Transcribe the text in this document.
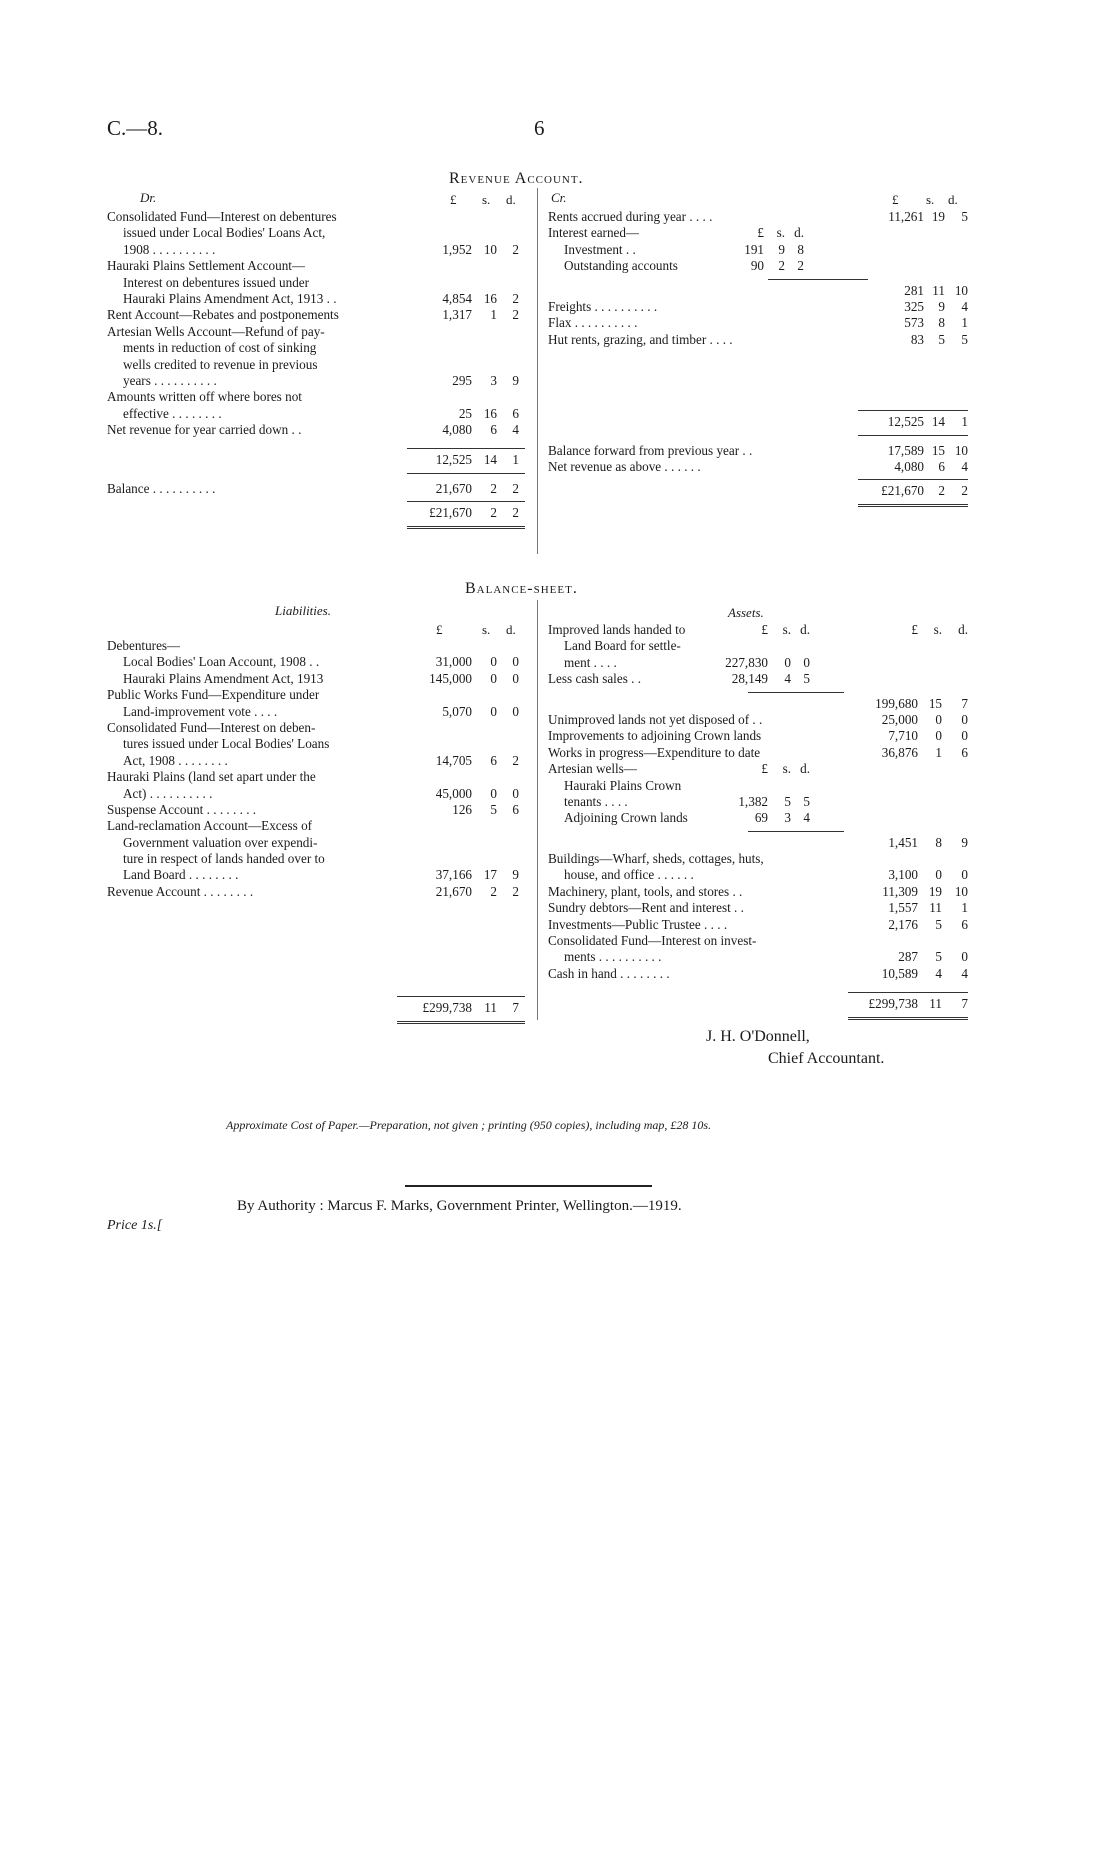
C.—8.	6
Revenue Account.
Dr.	£ s. d.
Consolidated Fund—Interest on debentures
issued under Local Bodies' Loans Act,
1908 . . . . . . . . . .	1,952 10	2
Hauraki Plains Settlement Account—
Interest on debentures issued under
Hauraki Plains Amendment Act, 1913 . .	4,854 16	2
Rent Account—Rebates and postponements	1,317	1	2
Artesian Wells Account—Refund of pay-
ments in reduction of cost of sinking
wells credited to revenue in previous
years . . . . . . . . . .	295	3	9
Amounts written off where bores not
effective . . . . . . . .	25 16	6
Net revenue for year carried down . .	4,080	6	4
12,525 14	1
Balance . . . . . . . . . .	21,670	2	2
£21,670	2	2
Cr.	£ s. d.
Rents accrued during year . . . .	11,261 19	5
Interest earned—	£ s. d.
Investment . .	191	9 8
Outstanding accounts	90	2 2
281 11 10
Freights . . . . . . . . . .	325	9	4
Flax . . . . . . . . . .	573	8	1
Hut rents, grazing, and timber . . . .	83	5	5
12,525 14	1
Balance forward from previous year . .	17,589 15 10
Net revenue as above . . . . . .	4,080	6	4
£21,670	2	2
Balance-sheet.
Liabilities.
£	s. d.
Debentures—
Local Bodies' Loan Account, 1908 . .	31,000	0	0
Hauraki Plains Amendment Act, 1913	145,000	0	0
Public Works Fund—Expenditure under
Land-improvement vote . . . .	5,070	0	0
Consolidated Fund—Interest on deben-
tures issued under Local Bodies' Loans
Act, 1908 . . . . . . . .	14,705	6	2
Hauraki Plains (land set apart under the
Act) . . . . . . . . . .	45,000	0	0
Suspense Account . . . . . . . .	126	5	6
Land-reclamation Account—Excess of
Government valuation over expendi-
ture in respect of lands handed over to
Land Board . . . . . . . .	37,166 17	9
Revenue Account . . . . . . . .	21,670	2	2
£299,738 11	7
Assets.
Improved lands handed to	£	s. d.	£	s.	d.
Land Board for settle-
ment . . . .	227,830	0 0
Less cash sales . .	28,149	4 5
199,680 15	7
Unimproved lands not yet disposed of . .	25,000	0	0
Improvements to adjoining Crown lands	7,710	0	0
Works in progress—Expenditure to date	36,876	1	6
Artesian wells—	£	s. d.
Hauraki Plains Crown
tenants . . . .	1,382	5 5
Adjoining Crown lands	69	3 4
1,451	8	9
Buildings—Wharf, sheds, cottages, huts,
house, and office . . . . . .	3,100	0	0
Machinery, plant, tools, and stores . .	11,309 19 10
Sundry debtors—Rent and interest . .	1,557 11	1
Investments—Public Trustee . . . .	2,176	5	6
Consolidated Fund—Interest on invest-
ments . . . . . . . . . .	287	5	0
Cash in hand . . . . . . . .	10,589	4	4
£299,738 11	7
J. H. O'Donnell,
Chief Accountant.
Approximate Cost of Paper.—Preparation, not given ; printing (950 copies), including map, £28 10s.
By Authority : Marcus F. Marks, Government Printer, Wellington.—1919.
Price 1s.[
